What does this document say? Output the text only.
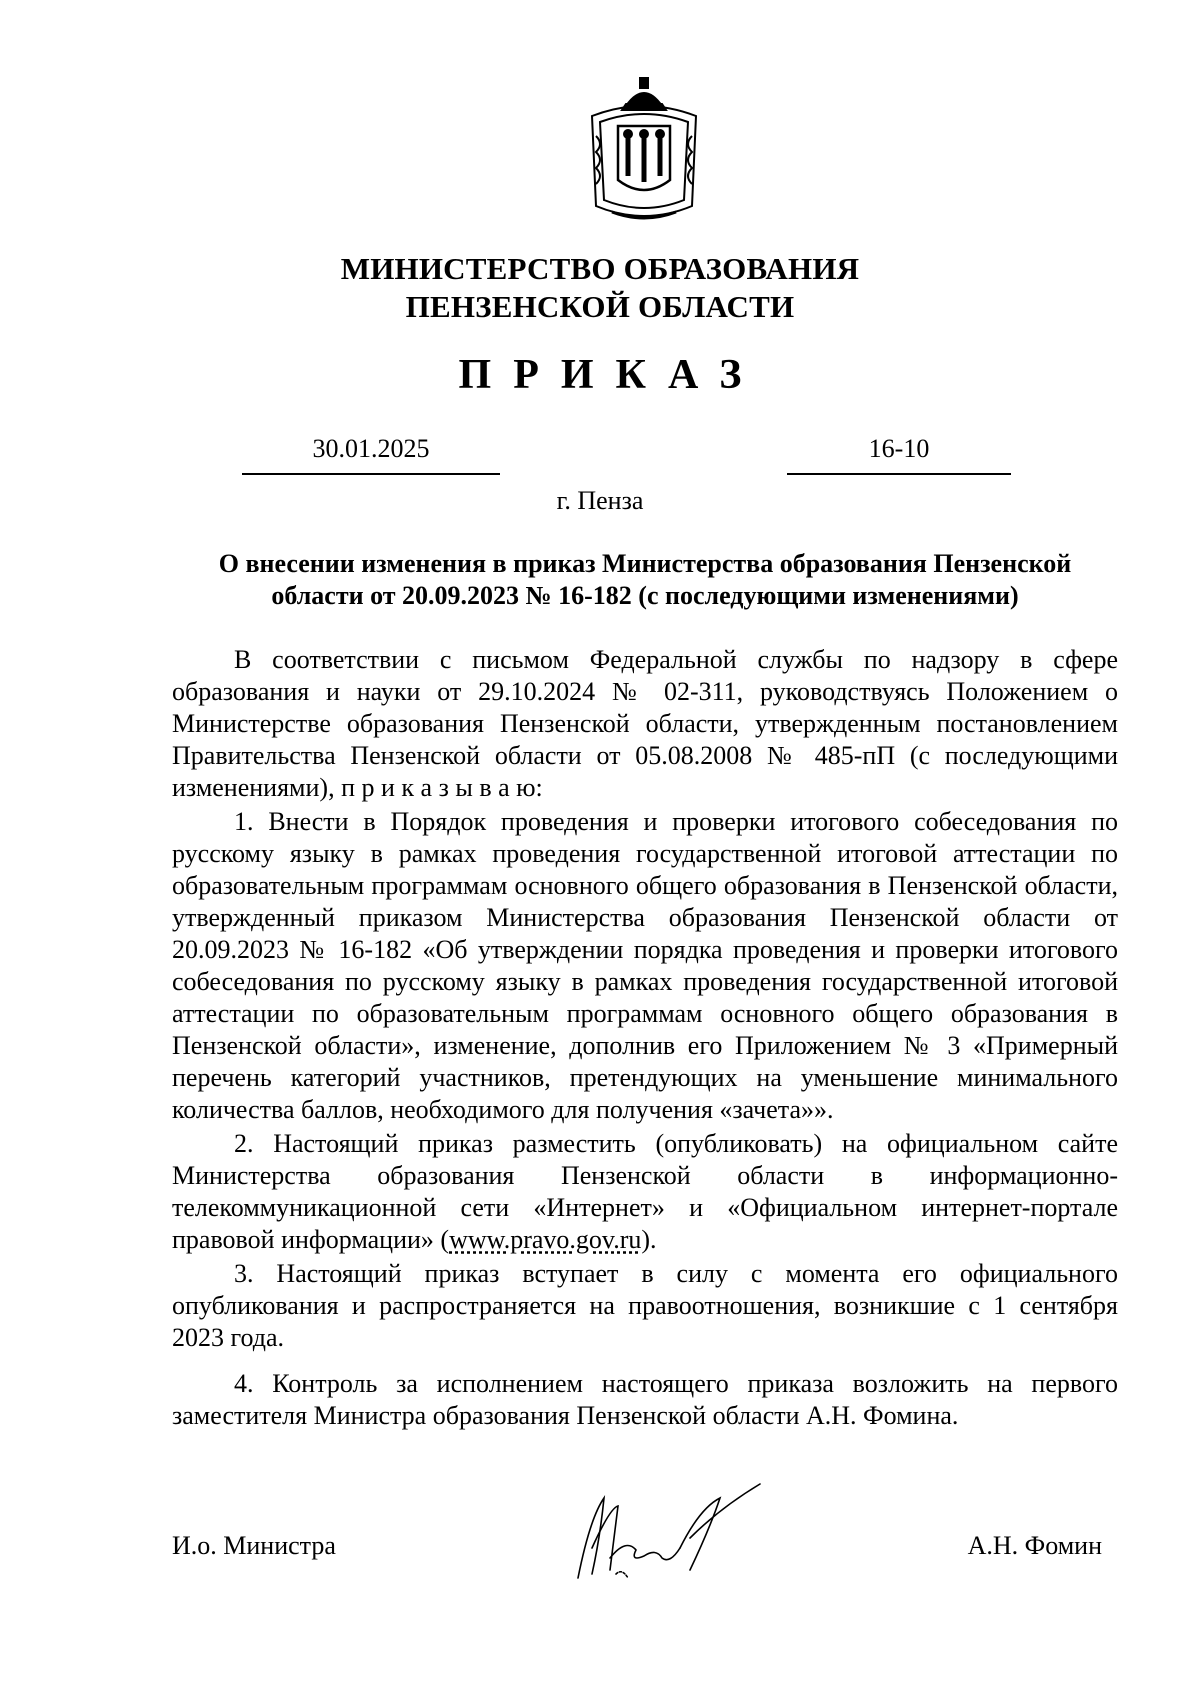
МИНИСТЕРСТВО ОБРАЗОВАНИЯ
ПЕНЗЕНСКОЙ ОБЛАСТИ
ПРИКАЗ
30.01.2025	16-10
г. Пенза
О внесении изменения в приказ Министерства образования Пензенской области от 20.09.2023 № 16-182 (с последующими изменениями)

В соответствии с письмом Федеральной службы по надзору в сфере образования и науки от 29.10.2024 № 02-311, руководствуясь Положением о Министерстве образования Пензенской области, утвержденным постановлением Правительства Пензенской области от 05.08.2008 № 485-пП (с последующими изменениями), п р и к а з ы в а ю:

1. Внести в Порядок проведения и проверки итогового собеседования по русскому языку в рамках проведения государственной итоговой аттестации по образовательным программам основного общего образования в Пензенской области, утвержденный приказом Министерства образования Пензенской области от 20.09.2023 № 16-182 «Об утверждении порядка проведения и проверки итогового собеседования по русскому языку в рамках проведения государственной итоговой аттестации по образовательным программам основного общего образования в Пензенской области», изменение, дополнив его Приложением № 3 «Примерный перечень категорий участников, претендующих на уменьшение минимального количества баллов, необходимого для получения «зачета»».

2. Настоящий приказ разместить (опубликовать) на официальном сайте Министерства образования Пензенской области в информационно-телекоммуникационной сети «Интернет» и «Официальном интернет-портале правовой информации» (www.pravo.gov.ru).

3. Настоящий приказ вступает в силу с момента его официального опубликования и распространяется на правоотношения, возникшие с 1 сентября 2023 года.

4. Контроль за исполнением настоящего приказа возложить на первого заместителя Министра образования Пензенской области А.Н. Фомина.

И.о. Министра	А.Н. Фомин
